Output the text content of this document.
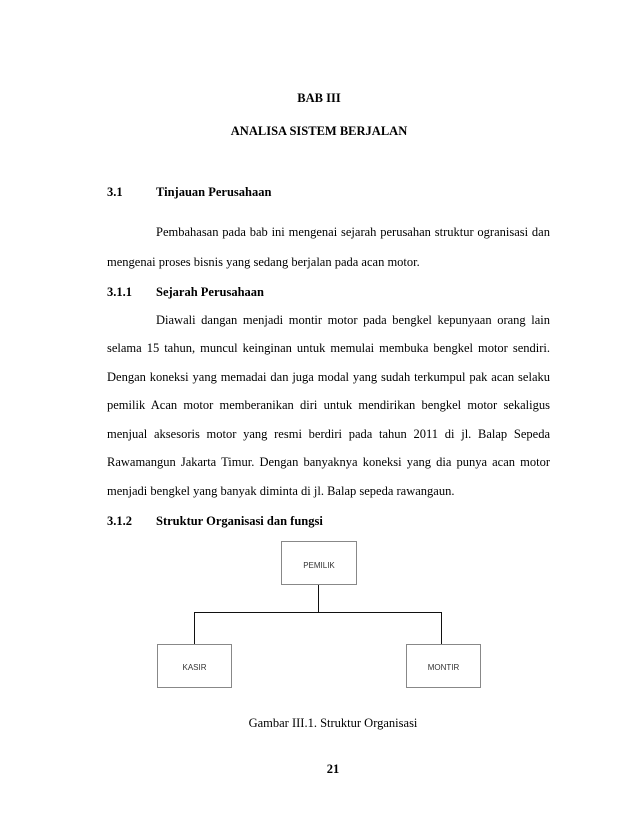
BAB III
ANALISA SISTEM BERJALAN
3.1	Tinjauan Perusahaan
Pembahasan pada bab ini mengenai sejarah perusahan struktur ogranisasi dan
mengenai proses bisnis yang sedang berjalan pada acan motor.
3.1.1 Sejarah Perusahaan
Diawali dangan menjadi montir motor pada bengkel kepunyaan orang lain
selama 15 tahun, muncul keinginan untuk memulai membuka bengkel motor sendiri.
Dengan koneksi yang memadai dan juga modal yang sudah terkumpul pak acan selaku
pemilik Acan motor memberanikan diri untuk mendirikan bengkel motor sekaligus
menjual aksesoris motor yang resmi berdiri pada tahun 2011 di jl. Balap Sepeda
Rawamangun Jakarta Timur. Dengan banyaknya koneksi yang dia punya acan motor
menjadi bengkel yang banyak diminta di jl. Balap sepeda rawangaun.
3.1.2 Struktur Organisasi dan fungsi
PEMILIK
KASIR	MONTIR
Gambar III.1. Struktur Organisasi
21
